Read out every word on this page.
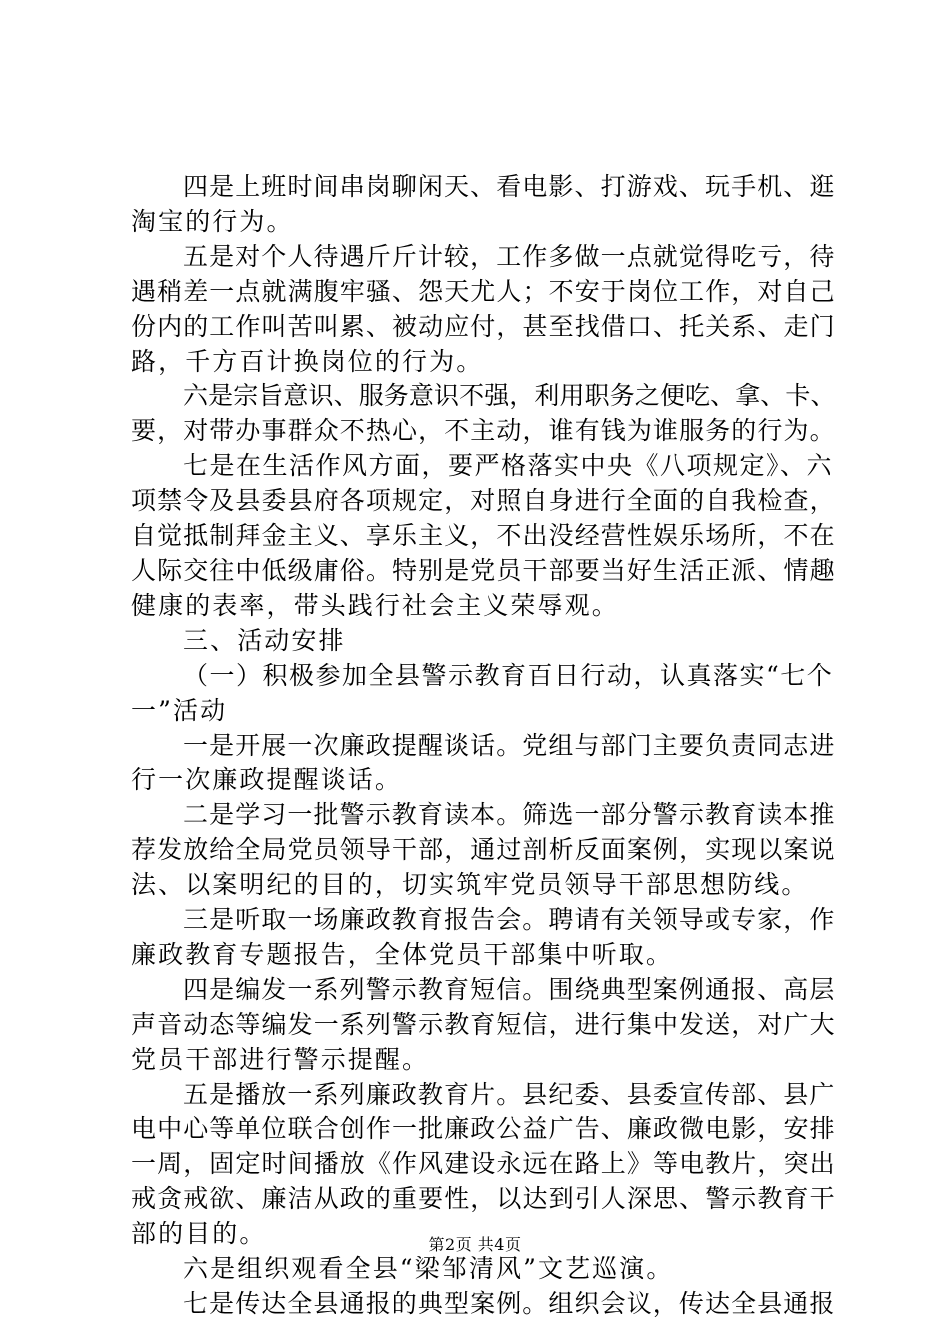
四是上班时间串岗聊闲天、看电影、打游戏、玩手机、逛

淘宝的行为。

五是对个人待遇斤斤计较，工作多做一点就觉得吃亏，待

遇稍差一点就满腹牢骚、怨天尤人；不安于岗位工作，对自己

份内的工作叫苦叫累、被动应付，甚至找借口、托关系、走门

路，千方百计换岗位的行为。

六是宗旨意识、服务意识不强，利用职务之便吃、拿、卡、

要，对带办事群众不热心，不主动，谁有钱为谁服务的行为。

七是在生活作风方面，要严格落实中央《八项规定》、六

项禁令及县委县府各项规定，对照自身进行全面的自我检查，

自觉抵制拜金主义、享乐主义，不出没经营性娱乐场所，不在

人际交往中低级庸俗。特别是党员干部要当好生活正派、情趣

健康的表率，带头践行社会主义荣辱观。

三、活动安排

（一）积极参加全县警示教育百日行动，认真落实“七个

一”活动

一是开展一次廉政提醒谈话。党组与部门主要负责同志进

行一次廉政提醒谈话。

二是学习一批警示教育读本。筛选一部分警示教育读本推

荐发放给全局党员领导干部，通过剖析反面案例，实现以案说

法、以案明纪的目的，切实筑牢党员领导干部思想防线。

三是听取一场廉政教育报告会。聘请有关领导或专家，作

廉政教育专题报告，全体党员干部集中听取。

四是编发一系列警示教育短信。围绕典型案例通报、高层

声音动态等编发一系列警示教育短信，进行集中发送，对广大

党员干部进行警示提醒。

五是播放一系列廉政教育片。县纪委、县委宣传部、县广

电中心等单位联合创作一批廉政公益广告、廉政微电影，安排

一周，固定时间播放《作风建设永远在路上》等电教片，突出

戒贪戒欲、廉洁从政的重要性，以达到引人深思、警示教育干

部的目的。

六是组织观看全县“梁邹清风”文艺巡演。

七是传达全县通报的典型案例。组织会议，传达全县通报

第2页 共4页
